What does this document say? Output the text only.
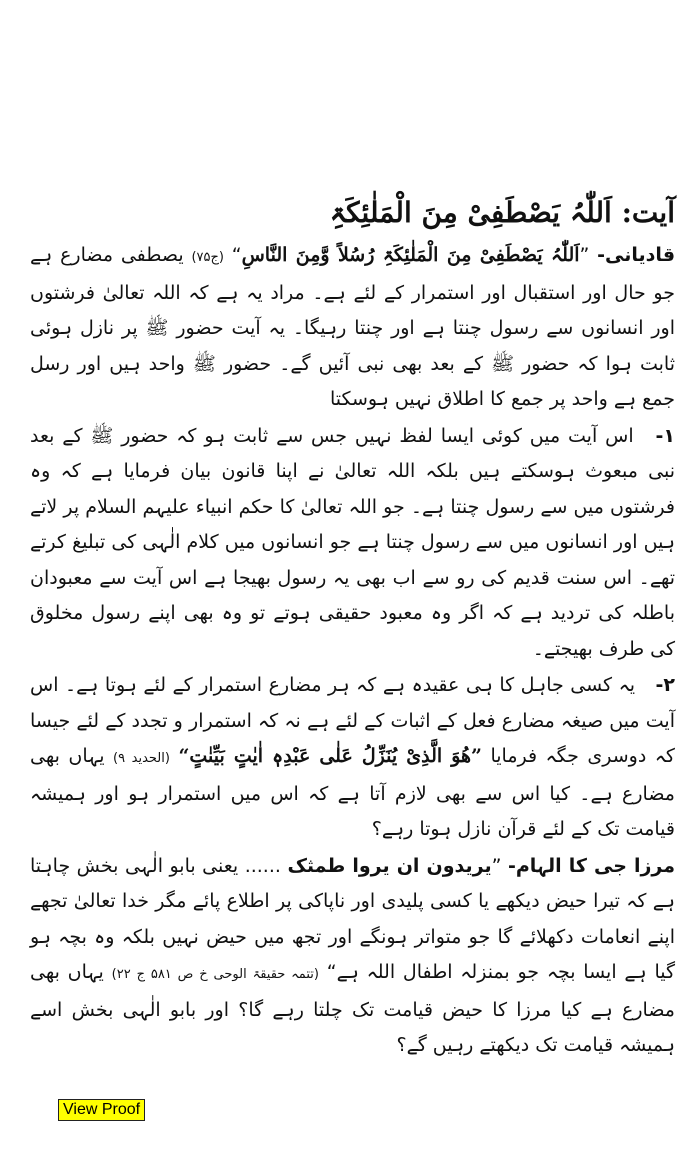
آیت: اَللّٰہُ یَصْطَفِیْ مِنَ الْمَلٰئِکَۃِ

قادیانی- ”اَللّٰہُ یَصْطَفِیْ مِنَ الْمَلٰئِکَۃِ رُسُلاً وَّمِنَ النَّاسِ“ (ج۷۵) یصطفی مضارع ہے جو حال اور استقبال اور استمرار کے لئے ہے۔ مراد یہ ہے کہ اللہ تعالیٰ فرشتوں اور انسانوں سے رسول چنتا ہے اور چنتا رہیگا۔ یہ آیت حضور ﷺ پر نازل ہوئی ثابت ہوا کہ حضور ﷺ کے بعد بھی نبی آئیں گے۔ حضور ﷺ واحد ہیں اور رسل جمع ہے واحد پر جمع کا اطلاق نہیں ہوسکتا

۱- اس آیت میں کوئی ایسا لفظ نہیں جس سے ثابت ہو کہ حضور ﷺ کے بعد نبی مبعوث ہوسکتے ہیں بلکہ اللہ تعالیٰ نے اپنا قانون بیان فرمایا ہے کہ وہ فرشتوں میں سے رسول چنتا ہے۔ جو اللہ تعالیٰ کا حکم انبیاء علیہم السلام پر لاتے ہیں اور انسانوں میں سے رسول چنتا ہے جو انسانوں میں کلام الٰہی کی تبلیغ کرتے تھے۔ اس سنت قدیم کی رو سے اب بھی یہ رسول بھیجا ہے اس آیت سے معبودان باطلہ کی تردید ہے کہ اگر وہ معبود حقیقی ہوتے تو وہ بھی اپنے رسول مخلوق کی طرف بھیجتے۔

۲- یہ کسی جاہل کا ہی عقیدہ ہے کہ ہر مضارع استمرار کے لئے ہوتا ہے۔ اس آیت میں صیغہ مضارع فعل کے اثبات کے لئے ہے نہ کہ استمرار و تجدد کے لئے جیسا کہ دوسری جگہ فرمایا ”ھُوَ الَّذِیْ یُنَزِّلُ عَلٰی عَبْدِہٖ اٰیٰتٍ بَیِّنٰتٍ“ (الحدید ۹) یہاں بھی مضارع ہے۔ کیا اس سے بھی لازم آتا ہے کہ اس میں استمرار ہو اور ہمیشہ قیامت تک کے لئے قرآن نازل ہوتا رہے؟

مرزا جی کا الہام- ”یریدون ان یروا طمثک ...... یعنی بابو الٰہی بخش چاہتا ہے کہ تیرا حیض دیکھے یا کسی پلیدی اور ناپاکی پر اطلاع پائے مگر خدا تعالیٰ تجھے اپنے انعامات دکھلائے گا جو متواتر ہونگے اور تجھ میں حیض نہیں بلکہ وہ بچہ ہو گیا ہے ایسا بچہ جو بمنزلہ اطفال اللہ ہے“ (تتمہ حقیقۃ الوحی خ ص ۵۸۱ ج ۲۲) یہاں بھی مضارع ہے کیا مرزا کا حیض قیامت تک چلتا رہے گا؟ اور بابو الٰہی بخش اسے ہمیشہ قیامت تک دیکھتے رہیں گے؟

View Proof
